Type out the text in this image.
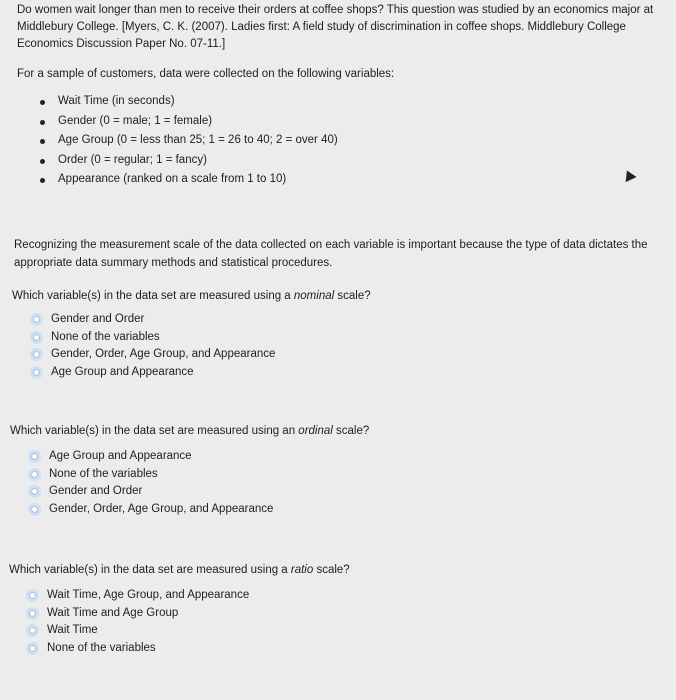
Do women wait longer than men to receive their orders at coffee shops? This question was studied by an economics major at Middlebury College. [Myers, C. K. (2007). Ladies first: A field study of discrimination in coffee shops. Middlebury College Economics Discussion Paper No. 07-11.]
For a sample of customers, data were collected on the following variables:
Wait Time (in seconds)
Gender (0 = male; 1 = female)
Age Group (0 = less than 25; 1 = 26 to 40; 2 = over 40)
Order (0 = regular; 1 = fancy)
Appearance (ranked on a scale from 1 to 10)
Recognizing the measurement scale of the data collected on each variable is important because the type of data dictates the appropriate data summary methods and statistical procedures.
Which variable(s) in the data set are measured using a nominal scale?
Gender and Order
None of the variables
Gender, Order, Age Group, and Appearance
Age Group and Appearance
Which variable(s) in the data set are measured using an ordinal scale?
Age Group and Appearance
None of the variables
Gender and Order
Gender, Order, Age Group, and Appearance
Which variable(s) in the data set are measured using a ratio scale?
Wait Time, Age Group, and Appearance
Wait Time and Age Group
Wait Time
None of the variables
